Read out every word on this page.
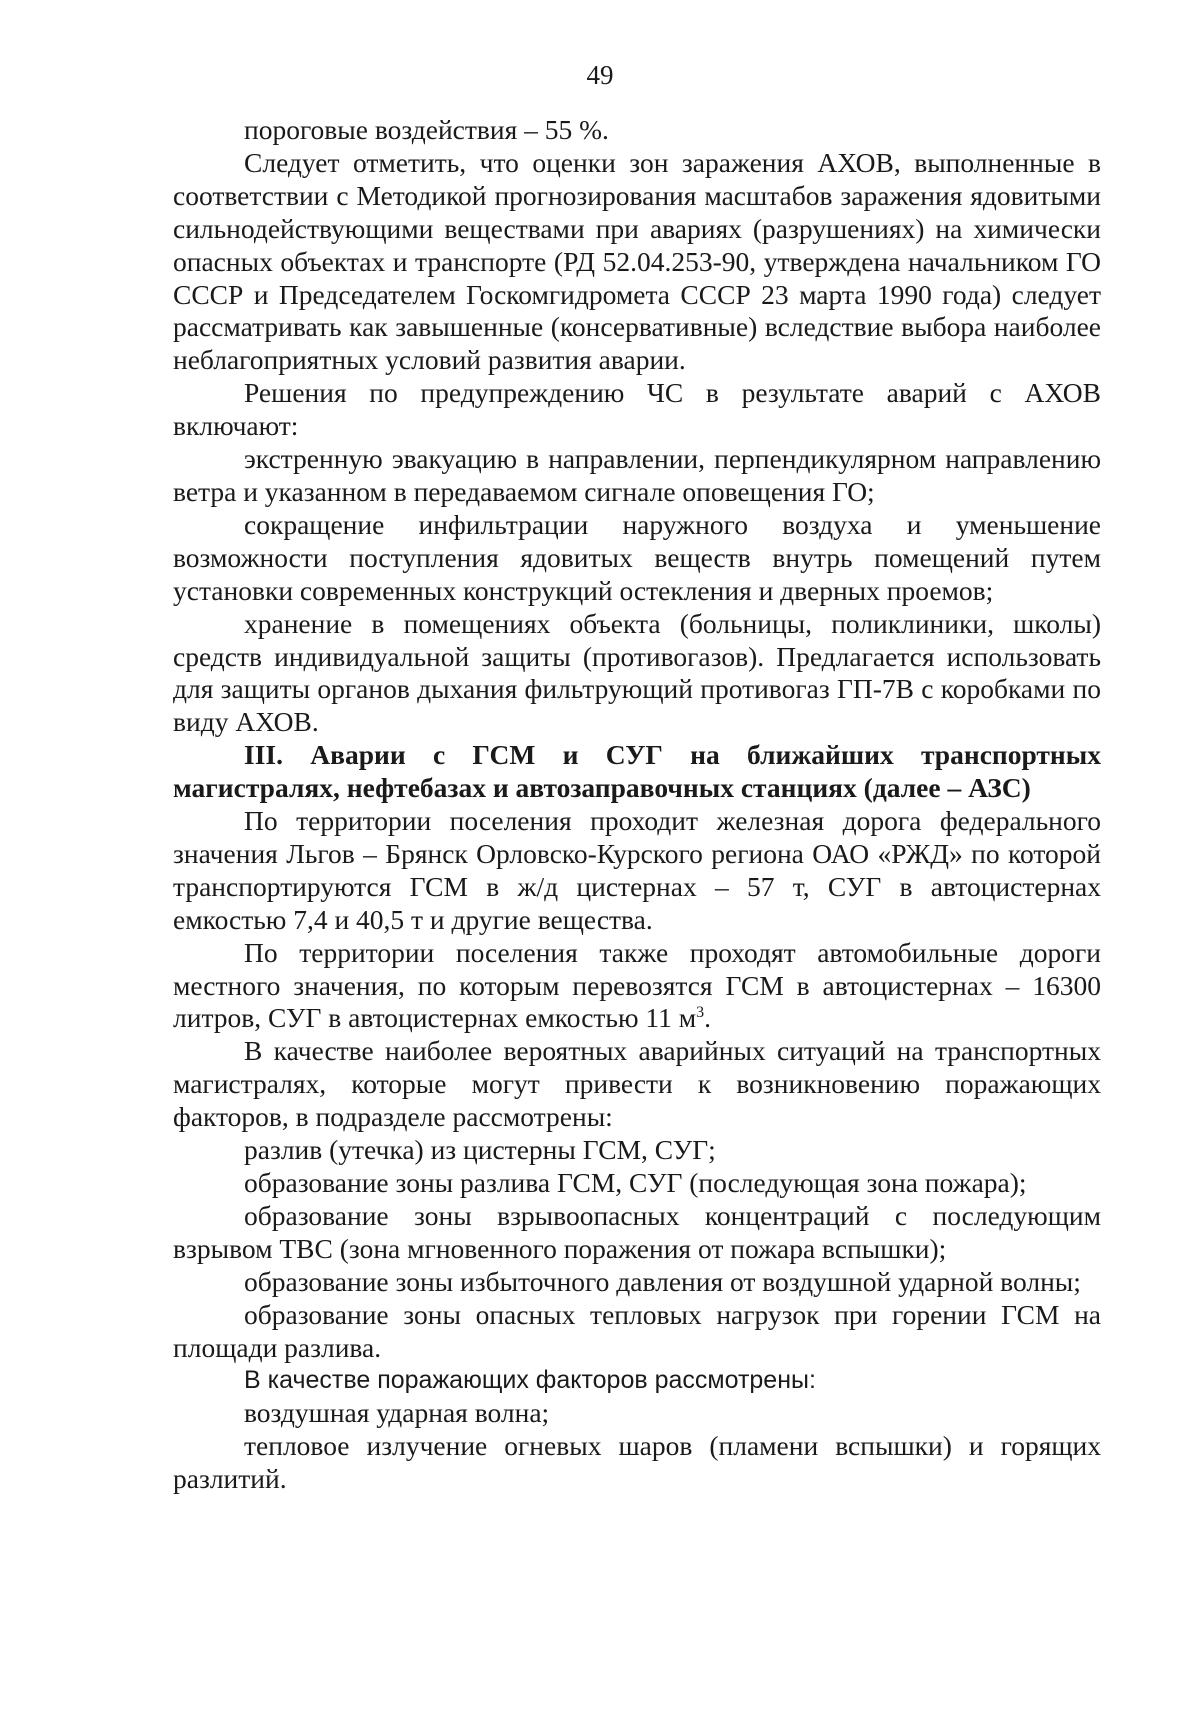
49

пороговые воздействия – 55 %.

Следует отметить, что оценки зон заражения АХОВ, выполненные в соответствии с Методикой прогнозирования масштабов заражения ядовитыми сильнодействующими веществами при авариях (разрушениях) на химически опасных объектах и транспорте (РД 52.04.253-90, утверждена начальником ГО СССР и Председателем Госкомгидромета СССР 23 марта 1990 года) следует рассматривать как завышенные (консервативные) вследствие выбора наиболее неблагоприятных условий развития аварии.

Решения по предупреждению ЧС в результате аварий с АХОВ включают:

экстренную эвакуацию в направлении, перпендикулярном направлению ветра и указанном в передаваемом сигнале оповещения ГО;

сокращение инфильтрации наружного воздуха и уменьшение возможности поступления ядовитых веществ внутрь помещений путем установки современных конструкций остекления и дверных проемов;

хранение в помещениях объекта (больницы, поликлиники, школы) средств индивидуальной защиты (противогазов). Предлагается использовать для защиты органов дыхания фильтрующий противогаз ГП-7В с коробками по виду АХОВ.

III. Аварии с ГСМ и СУГ на ближайших транспортных магистралях, нефтебазах и автозаправочных станциях (далее – АЗС)

По территории поселения проходит железная дорога федерального значения Льгов – Брянск Орловско-Курского региона ОАО «РЖД» по которой транспортируются ГСМ в ж/д цистернах – 57 т, СУГ в автоцистернах емкостью 7,4 и 40,5 т и другие вещества.

По территории поселения также проходят автомобильные дороги местного значения, по которым перевозятся ГСМ в автоцистернах – 16300 литров, СУГ в автоцистернах емкостью 11 $м^3$.

В качестве наиболее вероятных аварийных ситуаций на транспортных магистралях, которые могут привести к возникновению поражающих факторов, в подразделе рассмотрены:

разлив (утечка) из цистерны ГСМ, СУГ;

образование зоны разлива ГСМ, СУГ (последующая зона пожара);

образование зоны взрывоопасных концентраций с последующим взрывом ТВС (зона мгновенного поражения от пожара вспышки);

образование зоны избыточного давления от воздушной ударной волны;

образование зоны опасных тепловых нагрузок при горении ГСМ на площади разлива.

В качестве поражающих факторов рассмотрены:

воздушная ударная волна;

тепловое излучение огневых шаров (пламени вспышки) и горящих разлитий.
